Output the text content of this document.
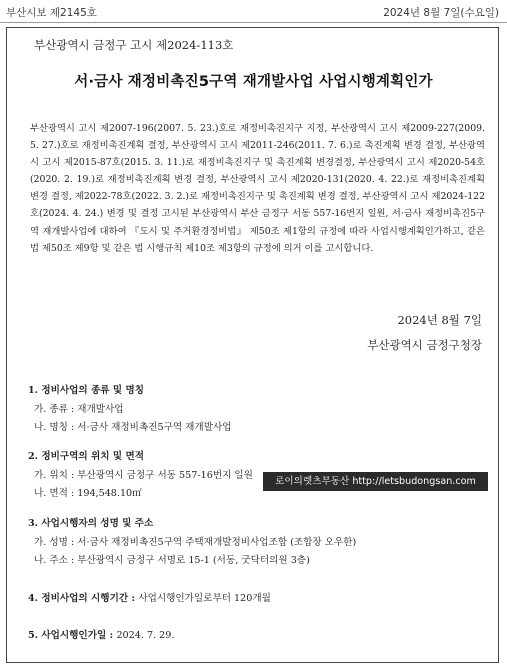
부산시보 제2145호	2024년 8월 7일(수요일)
부산광역시 금정구 고시 제2024-113호
서·금사 재정비촉진5구역 재개발사업 사업시행계획인가
부산광역시 고시 제2007-196(2007. 5. 23.)호로 재정비촉진지구 지정, 부산광역시 고시 제2009-227(2009. 5. 27.)호로 재정비촉진계획 결정, 부산광역시 고시 제2011-246(2011. 7. 6.)로 촉진계획 변경 결정, 부산광역시 고시 제2015-87호(2015. 3. 11.)로 재정비촉진지구 및 촉진계획 변경결정, 부산광역시 고시 제2020-54호(2020. 2. 19.)로 재정비촉진계획 변경 결정, 부산광역시 고시 제2020-131(2020. 4. 22.)로 재정비촉진계획 변경 결정, 제2022-78호(2022. 3. 2.)로 재정비촉진지구 및 촉진계획 변경 결정, 부산광역시 고시 제2024-122호(2024. 4. 24.) 변경 및 결정 고시된 부산광역시 부산 금정구 서동 557-16번지 일원, 서·금사 재정비촉진5구역 재개발사업에 대하여 『도시 및 주거환경정비법』 제50조 제1항의 규정에 따라 사업시행계획인가하고, 같은 법 제50조 제9항 및 같은 법 시행규칙 제10조 제3항의 규정에 의거 이를 고시합니다.
2024년 8월 7일
부산광역시 금정구청장
1. 정비사업의 종류 및 명칭
가. 종류 : 재개발사업
나. 명칭 : 서·금사 재정비촉진5구역 재개발사업
2. 정비구역의 위치 및 면적
가. 위치 : 부산광역시 금정구 서동 557-16번지 일원
나. 면적 : 194,548.10㎡
3. 사업시행자의 성명 및 주소
가. 성명 : 서·금사 재정비촉진5구역 주택재개발정비사업조합 (조합장 오우한)
나. 주소 : 부산광역시 금정구 서명로 15-1 (서동, 굿닥터의원 3층)
4. 정비사업의 시행기간 : 사업시행인가일로부터 120개월
5. 사업시행인가일 : 2024. 7. 29.
로이의렛츠부동산 http://letsbudongsan.com
